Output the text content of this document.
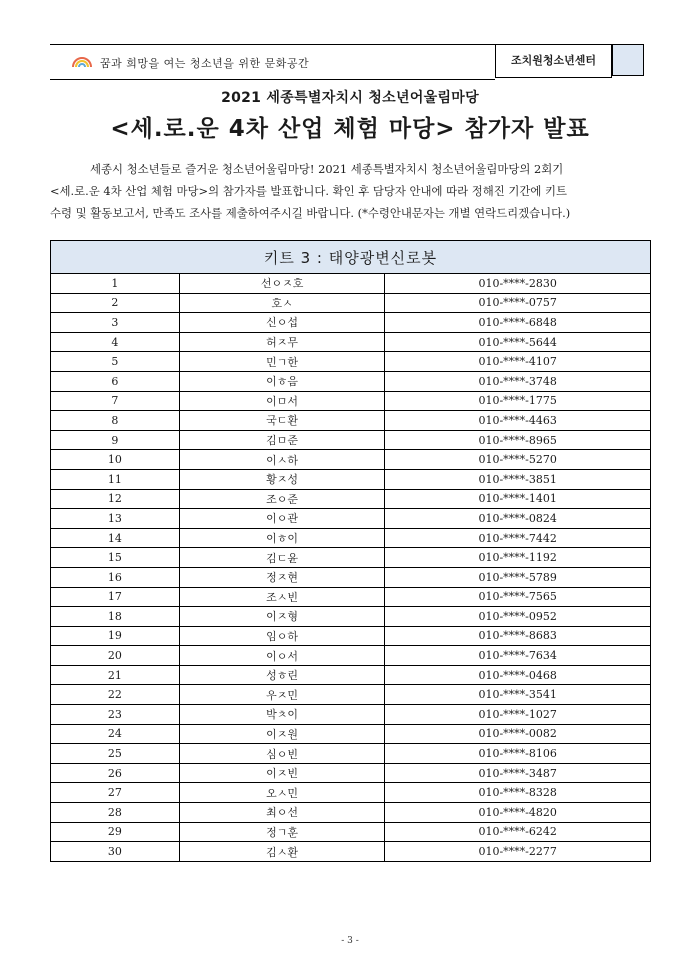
꿈과 희망을 여는 청소년을 위한 문화공간	조치원청소년센터
2021 세종특별자치시 청소년어울림마당
<세.로.운 4차 산업 체험 마당> 참가자 발표
세종시 청소년들로 즐거운 청소년어울림마당! 2021 세종특별자치시 청소년어울림마당의 2회기
<세.로.운 4차 산업 체험 마당>의 참가자를 발표합니다. 확인 후 담당자 안내에 따라 정해진 기간에 키트
수령 및 활동보고서, 만족도 조사를 제출하여주시길 바랍니다. (*수령안내문자는 개별 연락드리겠습니다.)
키트 3 : 태양광변신로봇		
1	선ㅇㅈ호	010-****-2830
2	호ㅅ	010-****-0757
3	신ㅇ섭	010-****-6848
4	허ㅈ무	010-****-5644
5	민ㄱ한	010-****-4107
6	이ㅎ음	010-****-3748
7	이ㅁ서	010-****-1775
8	국ㄷ환	010-****-4463
9	김ㅁ준	010-****-8965
10	이ㅅ하	010-****-5270
11	황ㅈ성	010-****-3851
12	조ㅇ준	010-****-1401
13	이ㅇ관	010-****-0824
14	이ㅎ이	010-****-7442
15	김ㄷ윤	010-****-1192
16	정ㅈ현	010-****-5789
17	조ㅅ빈	010-****-7565
18	이ㅈ형	010-****-0952
19	임ㅇ하	010-****-8683
20	이ㅇ서	010-****-7634
21	성ㅎ린	010-****-0468
22	우ㅈ민	010-****-3541
23	박ㅊ이	010-****-1027
24	이ㅈ원	010-****-0082
25	심ㅇ빈	010-****-8106
26	이ㅈ빈	010-****-3487
27	오ㅅ민	010-****-8328
28	최ㅇ선	010-****-4820
29	정ㄱ훈	010-****-6242
30	김ㅅ환	010-****-2277
- 3 -
